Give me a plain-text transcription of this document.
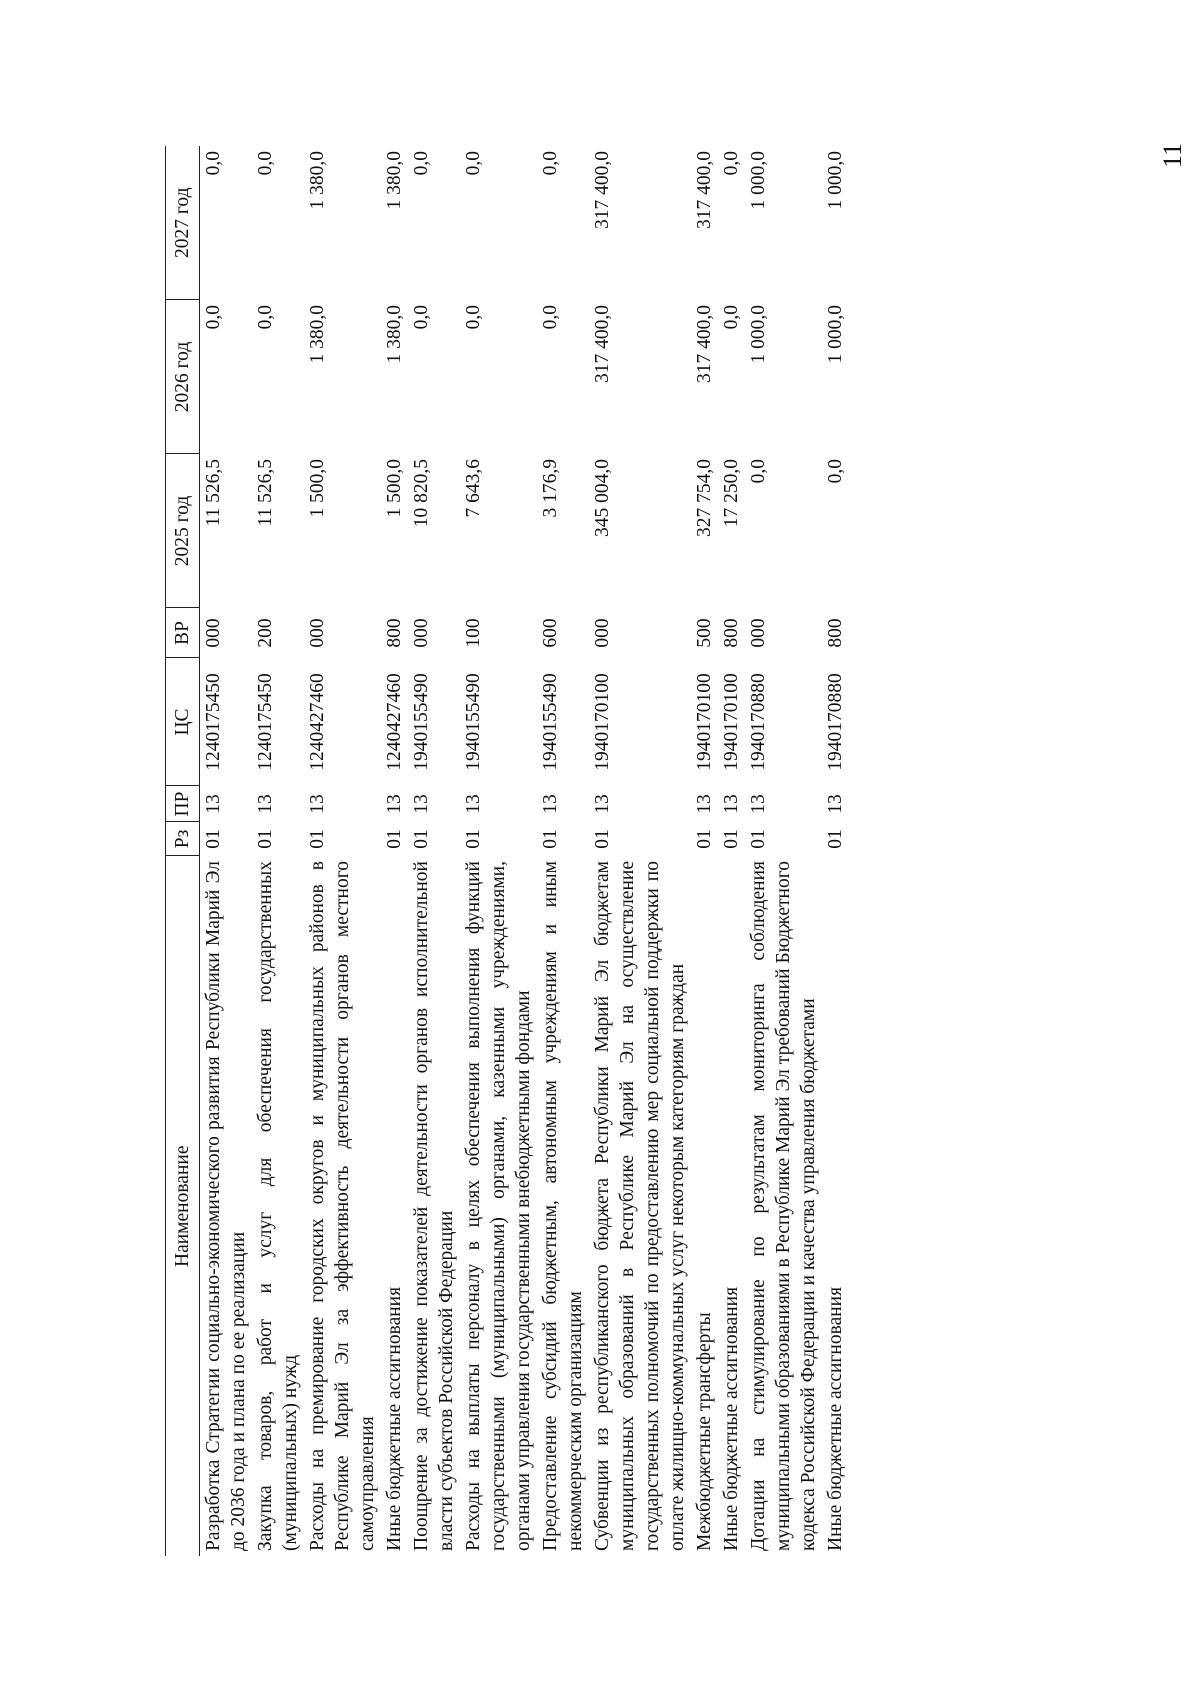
11
Наименование	Рз	ПР	ЦС	ВР	2025 год	2026 год	2027 год
Разработка Стратегии социально-экономического развития Республики Марий Эл до 2036 года и плана по ее реализации	01	13	1240175450	000	11 526,5	0,0	0,0
Закупка товаров, работ и услуг для обеспечения государственных (муниципальных) нужд	01	13	1240175450	200	11 526,5	0,0	0,0
Расходы на премирование городских округов и муниципальных районов в Республике Марий Эл за эффективность деятельности органов местного самоуправления	01	13	1240427460	000	1 500,0	1 380,0	1 380,0
Иные бюджетные ассигнования	01	13	1240427460	800	1 500,0	1 380,0	1 380,0
Поощрение за достижение показателей деятельности органов исполнительной власти субъектов Российской Федерации	01	13	1940155490	000	10 820,5	0,0	0,0
Расходы на выплаты персоналу в целях обеспечения выполнения функций государственными (муниципальными) органами, казенными учреждениями, органами управления государственными внебюджетными фондами	01	13	1940155490	100	7 643,6	0,0	0,0
Предоставление субсидий бюджетным, автономным учреждениям и иным некоммерческим организациям	01	13	1940155490	600	3 176,9	0,0	0,0
Субвенции из республиканского бюджета Республики Марий Эл бюджетам муниципальных образований в Республике Марий Эл на осуществление государственных полномочий по предоставлению мер социальной поддержки по оплате жилищно-коммунальных услуг некоторым категориям граждан	01	13	1940170100	000	345 004,0	317 400,0	317 400,0
Межбюджетные трансферты	01	13	1940170100	500	327 754,0	317 400,0	317 400,0
Иные бюджетные ассигнования	01	13	1940170100	800	17 250,0	0,0	0,0
Дотации на стимулирование по результатам мониторинга соблюдения муниципальными образованиями в Республике Марий Эл требований Бюджетного кодекса Российской Федерации и качества управления бюджетами	01	13	1940170880	000	0,0	1 000,0	1 000,0
Иные бюджетные ассигнования	01	13	1940170880	800	0,0	1 000,0	1 000,0
